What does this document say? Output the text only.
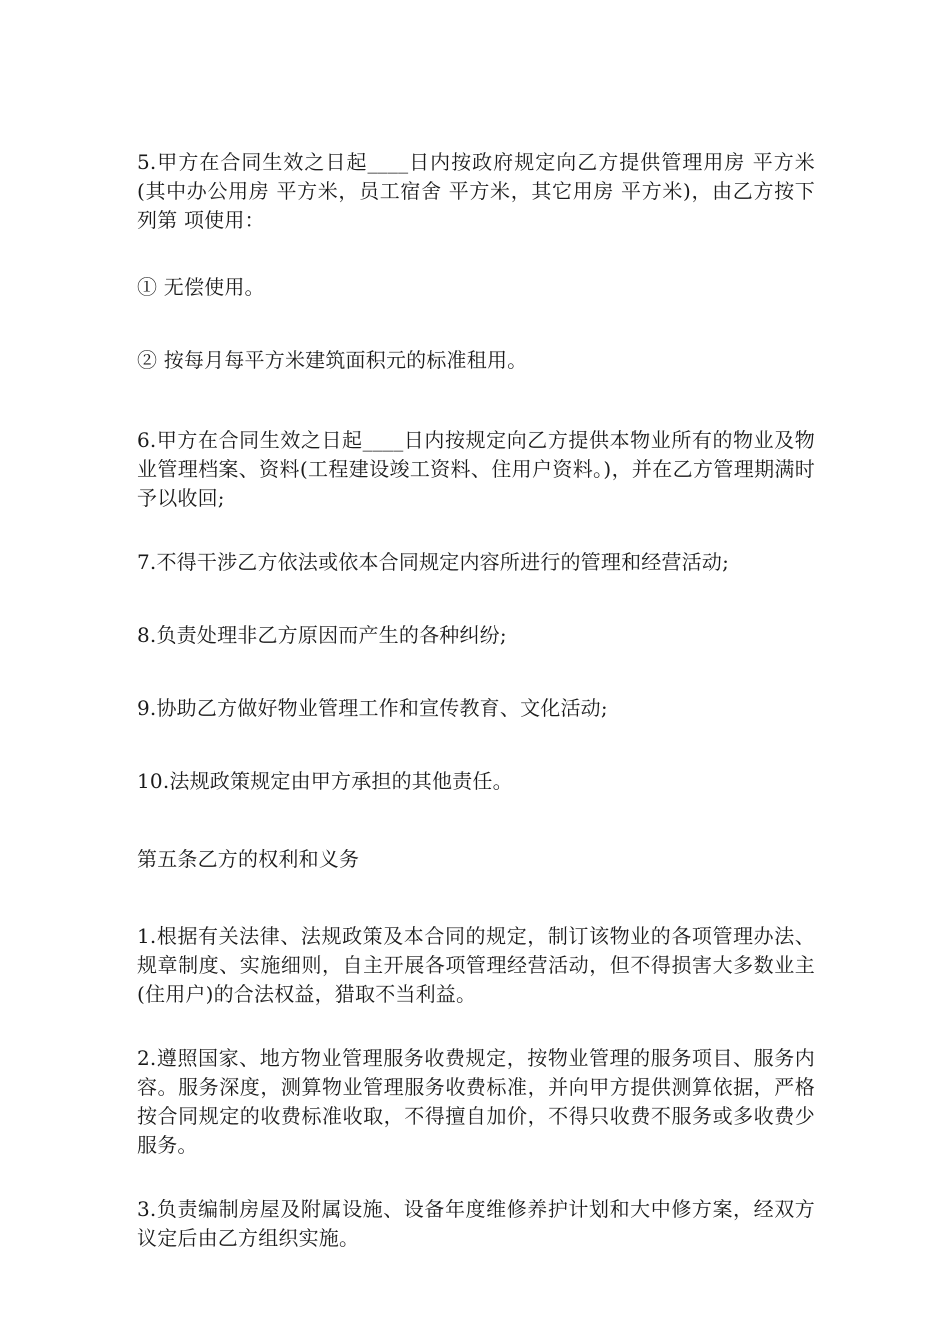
5.甲方在合同生效之日起____日内按政府规定向乙方提供管理用房 平方米(其中办公用房 平方米，员工宿舍 平方米，其它用房 平方米)，由乙方按下列第 项使用：

① 无偿使用。

② 按每月每平方米建筑面积元的标准租用。

6.甲方在合同生效之日起____日内按规定向乙方提供本物业所有的物业及物业管理档案、资料(工程建设竣工资料、住用户资料。)，并在乙方管理期满时予以收回;

7.不得干涉乙方依法或依本合同规定内容所进行的管理和经营活动;

8.负责处理非乙方原因而产生的各种纠纷;

9.协助乙方做好物业管理工作和宣传教育、文化活动;

10.法规政策规定由甲方承担的其他责任。

第五条乙方的权利和义务

1.根据有关法律、法规政策及本合同的规定，制订该物业的各项管理办法、规章制度、实施细则，自主开展各项管理经营活动，但不得损害大多数业主(住用户)的合法权益，猎取不当利益。

2.遵照国家、地方物业管理服务收费规定，按物业管理的服务项目、服务内容。服务深度，测算物业管理服务收费标准，并向甲方提供测算依据，严格按合同规定的收费标准收取，不得擅自加价，不得只收费不服务或多收费少服务。

3.负责编制房屋及附属设施、设备年度维修养护计划和大中修方案，经双方议定后由乙方组织实施。
